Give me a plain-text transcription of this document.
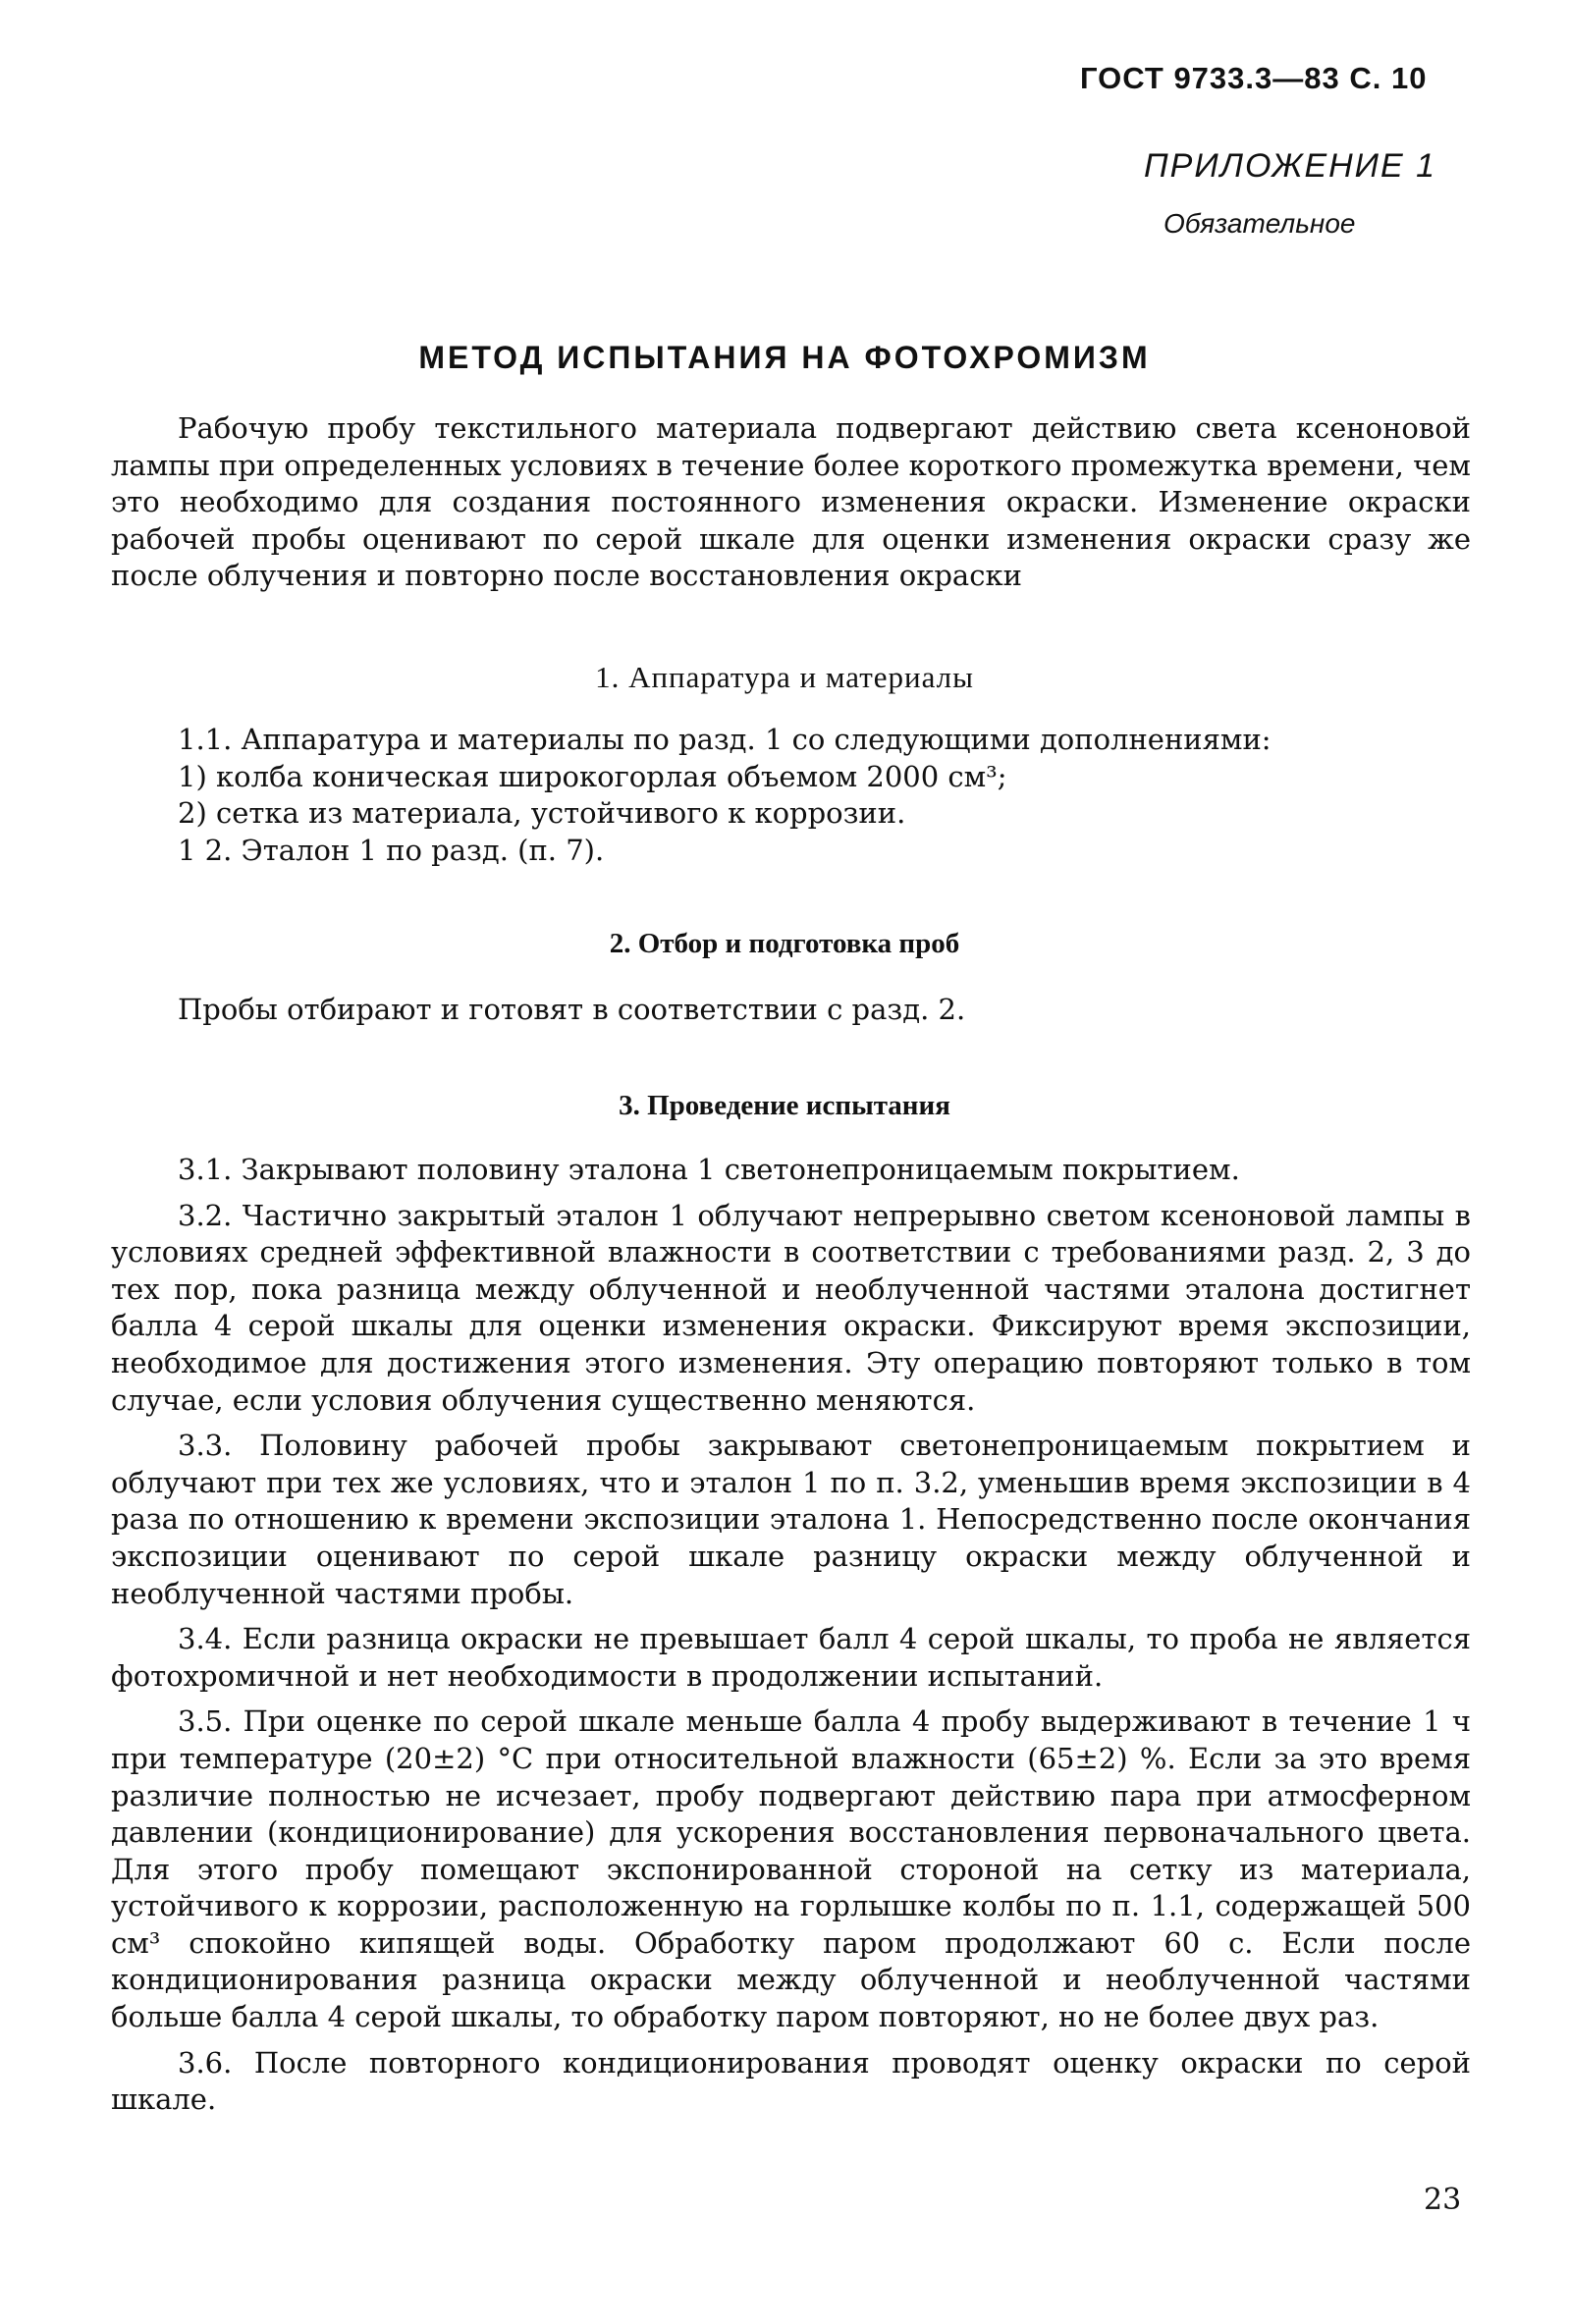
ГОСТ 9733.3—83 С. 10
ПРИЛОЖЕНИЕ 1
Обязательное
МЕТОД ИСПЫТАНИЯ НА ФОТОХРОМИЗМ

Рабочую пробу текстильного материала подвергают действию света ксеноновой лампы при определенных условиях в течение более короткого промежутка времени, чем это необходимо для создания постоянного изменения окраски. Изменение окраски рабочей пробы оценивают по серой шкале для оценки изменения окраски сразу же после облучения и повторно после восстановления окраски

1. Аппаратура и материалы

1.1. Аппаратура и материалы по разд. 1 со следующими дополнениями:

1) колба коническая широкогорлая объемом 2000 см³;

2) сетка из материала, устойчивого к коррозии.

1 2. Эталон 1 по разд. (п. 7).

2. Отбор и подготовка проб

Пробы отбирают и готовят в соответствии с разд. 2.

3. Проведение испытания

3.1. Закрывают половину эталона 1 светонепроницаемым покрытием.

3.2. Частично закрытый эталон 1 облучают непрерывно светом ксеноновой лампы в условиях средней эффективной влажности в соответствии с требованиями разд. 2, 3 до тех пор, пока разница между облученной и необлученной частями эталона достигнет балла 4 серой шкалы для оценки изменения окраски. Фиксируют время экспозиции, необходимое для достижения этого изменения. Эту операцию повторяют только в том случае, если условия облучения существенно меняются.

3.3. Половину рабочей пробы закрывают светонепроницаемым покрытием и облучают при тех же условиях, что и эталон 1 по п. 3.2, уменьшив время экспозиции в 4 раза по отношению к времени экспозиции эталона 1. Непосредственно после окончания экспозиции оценивают по серой шкале разницу окраски между облученной и необлученной частями пробы.

3.4. Если разница окраски не превышает балл 4 серой шкалы, то проба не является фотохромичной и нет необходимости в продолжении испытаний.

3.5. При оценке по серой шкале меньше балла 4 пробу выдерживают в течение 1 ч при температуре (20±2) °С при относительной влажности (65±2) %. Если за это время различие полностью не исчезает, пробу подвергают действию пара при атмосферном давлении (кондиционирование) для ускорения восстановления первоначального цвета. Для этого пробу помещают экспонированной стороной на сетку из материала, устойчивого к коррозии, расположенную на горлышке колбы по п. 1.1, содержащей 500 см³ спокойно кипящей воды. Обработку паром продолжают 60 с. Если после кондиционирования разница окраски между облученной и необлученной частями больше балла 4 серой шкалы, то обработку паром повторяют, но не более двух раз.

3.6. После повторного кондиционирования проводят оценку окраски по серой шкале.

23
